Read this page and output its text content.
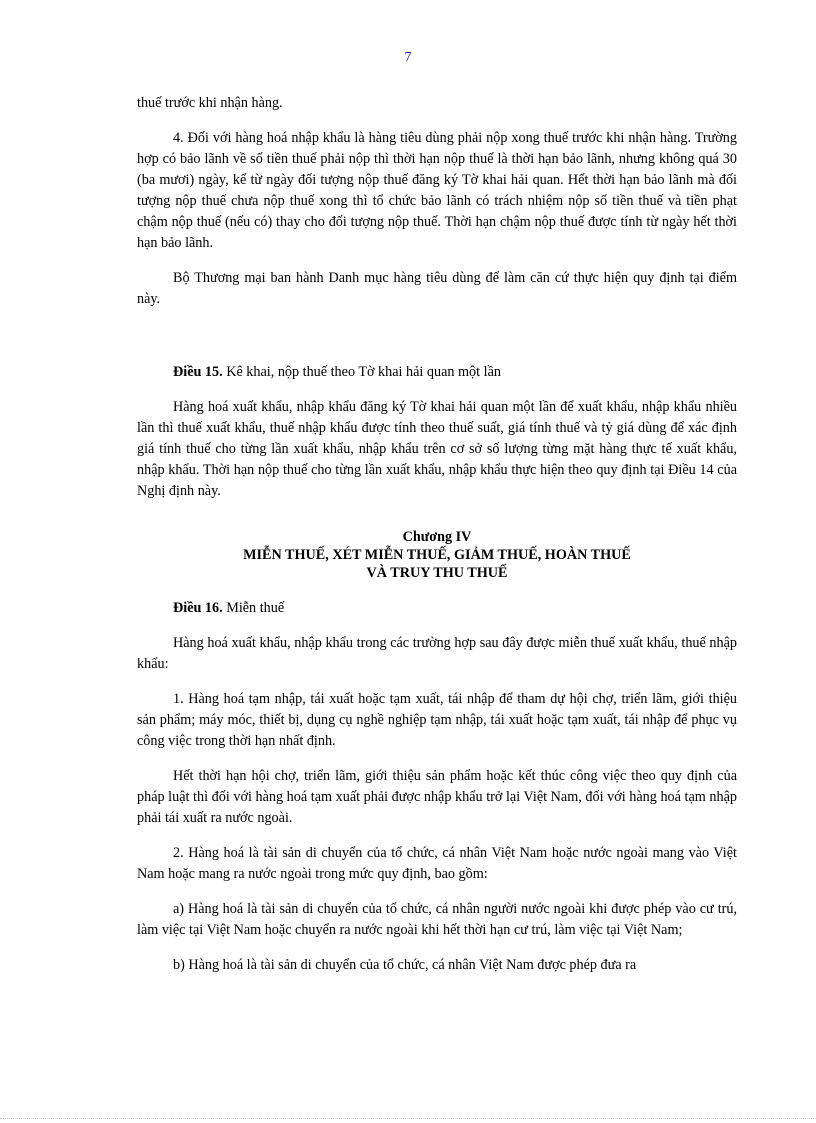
7

thuế trước khi nhận hàng.

4. Đối với hàng hoá nhập khẩu là hàng tiêu dùng phải nộp xong thuế trước khi nhận hàng. Trường hợp có bảo lãnh về số tiền thuế phải nộp thì thời hạn nộp thuế là thời hạn bảo lãnh, nhưng không quá 30 (ba mươi) ngày, kể từ ngày đối tượng nộp thuế đăng ký Tờ khai hải quan. Hết thời hạn bảo lãnh mà đối tượng nộp thuế chưa nộp thuế xong thì tổ chức bảo lãnh có trách nhiệm nộp số tiền thuế và tiền phạt chậm nộp thuế (nếu có) thay cho đối tượng nộp thuế. Thời hạn chậm nộp thuế được tính từ ngày hết thời hạn bảo lãnh.

Bộ Thương mại ban hành Danh mục hàng tiêu dùng để làm căn cứ thực hiện quy định tại điểm này.

Điều 15. Kê khai, nộp thuế theo Tờ khai hải quan một lần

Hàng hoá xuất khẩu, nhập khẩu đăng ký Tờ khai hải quan một lần để xuất khẩu, nhập khẩu nhiều lần thì thuế xuất khẩu, thuế nhập khẩu được tính theo thuế suất, giá tính thuế và tỷ giá dùng để xác định giá tính thuế cho từng lần xuất khẩu, nhập khẩu trên cơ sở số lượng từng mặt hàng thực tế xuất khẩu, nhập khẩu. Thời hạn nộp thuế cho từng lần xuất khẩu, nhập khẩu thực hiện theo quy định tại Điều 14 của Nghị định này.

Chương IV
MIỄN THUẾ, XÉT MIỄN THUẾ, GIẢM THUẾ, HOÀN THUẾ
VÀ TRUY THU THUẾ

Điều 16. Miễn thuế

Hàng hoá xuất khẩu, nhập khẩu trong các trường hợp sau đây được miễn thuế xuất khẩu, thuế nhập khẩu:

1. Hàng hoá tạm nhập, tái xuất hoặc tạm xuất, tái nhập để tham dự hội chợ, triển lãm, giới thiệu sản phẩm; máy móc, thiết bị, dụng cụ nghề nghiệp tạm nhập, tái xuất hoặc tạm xuất, tái nhập để phục vụ công việc trong thời hạn nhất định.

Hết thời hạn hội chợ, triển lãm, giới thiệu sản phẩm hoặc kết thúc công việc theo quy định của pháp luật thì đối với hàng hoá tạm xuất phải được nhập khẩu trở lại Việt Nam, đối với hàng hoá tạm nhập phải tái xuất ra nước ngoài.

2. Hàng hoá là tài sản di chuyển của tổ chức, cá nhân Việt Nam hoặc nước ngoài mang vào Việt Nam hoặc mang ra nước ngoài trong mức quy định, bao gồm:

a) Hàng hoá là tài sản di chuyển của tổ chức, cá nhân người nước ngoài khi được phép vào cư trú, làm việc tại Việt Nam hoặc chuyển ra nước ngoài khi hết thời hạn cư trú, làm việc tại Việt Nam;

b) Hàng hoá là tài sản di chuyển của tổ chức, cá nhân Việt Nam được phép đưa ra
